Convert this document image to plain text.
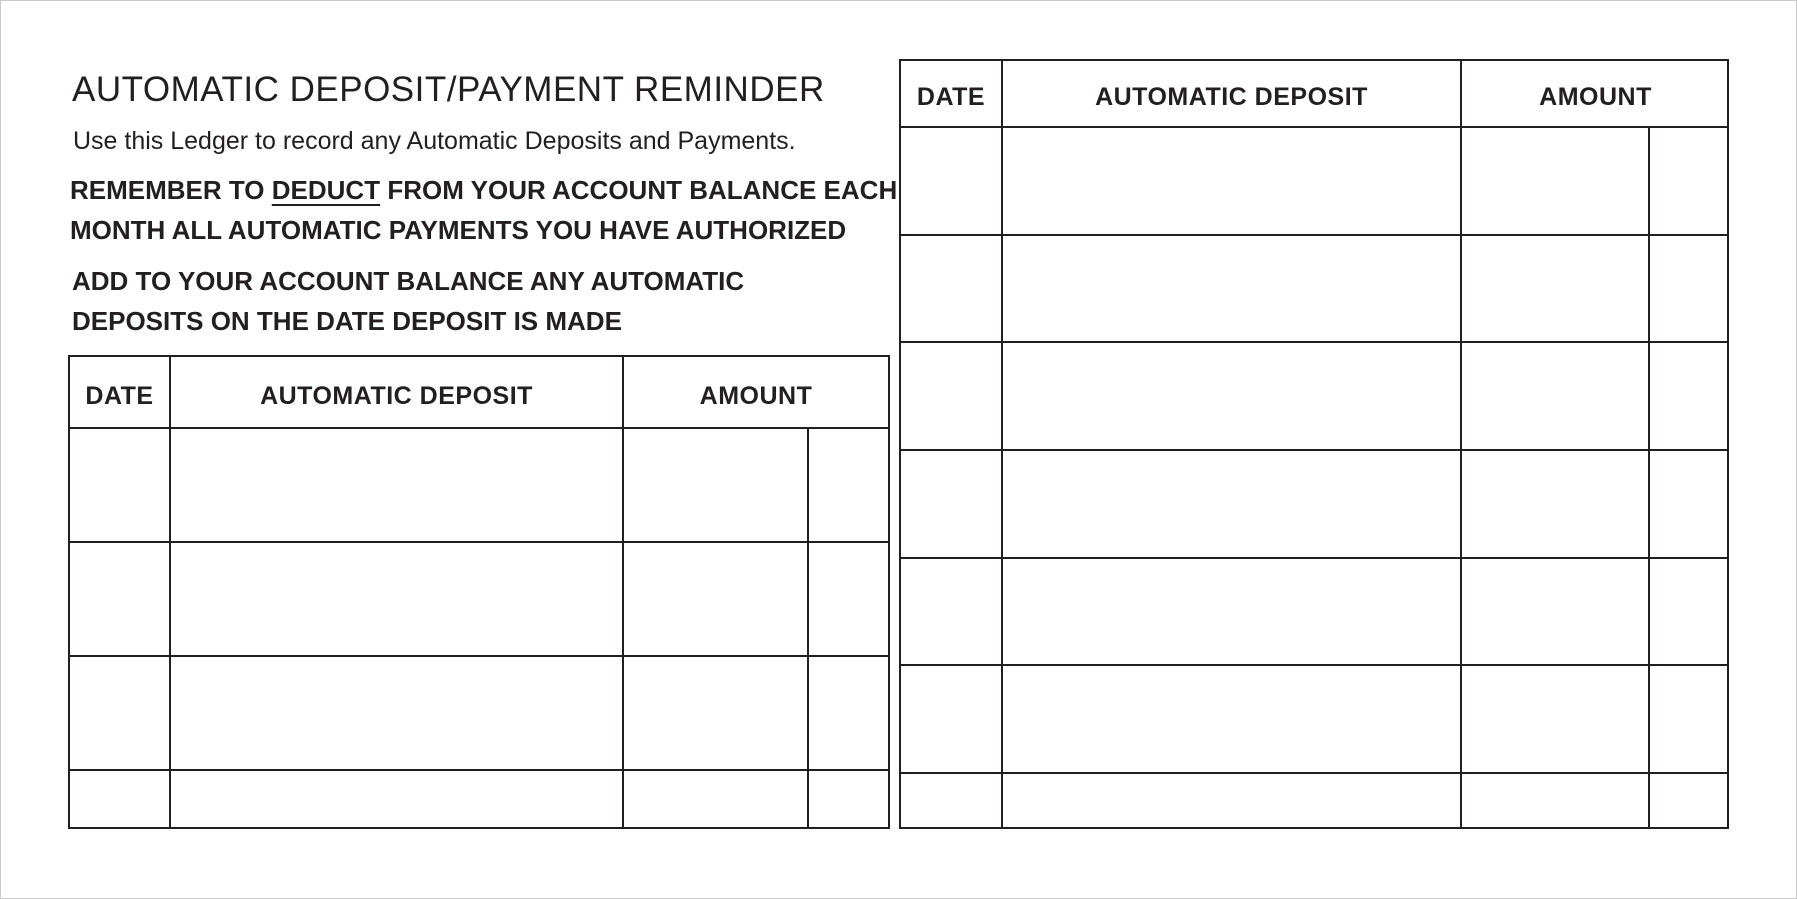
AUTOMATIC DEPOSIT/PAYMENT REMINDER

Use this Ledger to record any Automatic Deposits and Payments.

REMEMBER TO DEDUCT FROM YOUR ACCOUNT BALANCE EACH
MONTH ALL AUTOMATIC PAYMENTS YOU HAVE AUTHORIZED
ADD TO YOUR ACCOUNT BALANCE ANY AUTOMATIC
DEPOSITS ON THE DATE DEPOSIT IS MADE
DATE	AUTOMATIC DEPOSIT	AMOUNT	

DATE	AUTOMATIC DEPOSIT	AMOUNT	
